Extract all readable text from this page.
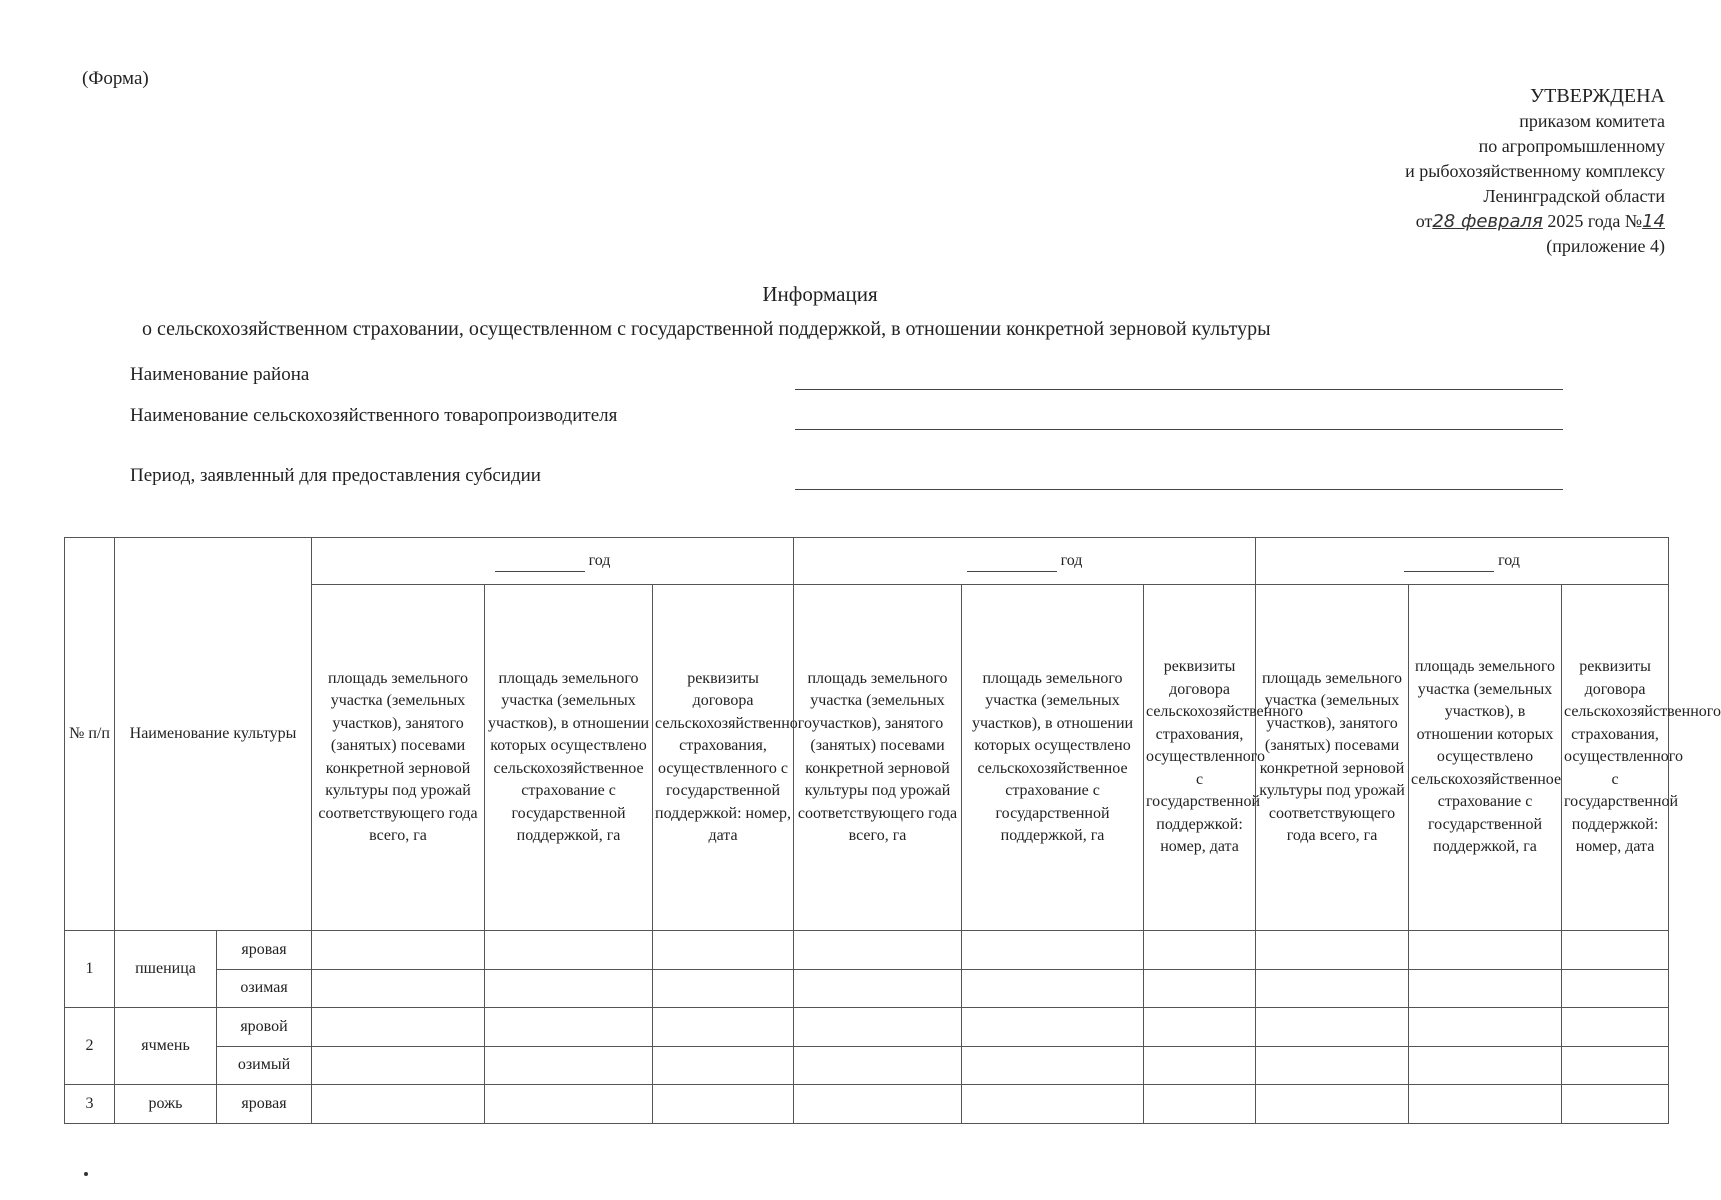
(Форма)
УТВЕРЖДЕНА
приказом комитета
по агропромышленному
и рыбохозяйственному комплексу
Ленинградской области
от28 февраля 2025 года №14
(приложение 4)
Информация
о сельскохозяйственном страховании, осуществленном с государственной поддержкой, в отношении конкретной зерновой культуры
Наименование района
Наименование сельскохозяйственного товаропроизводителя
Период, заявленный для предоставления субсидии
№ п/п	Наименование культуры		год			год			год		
			площадь земельного участка (земельных участков), занятого (занятых) посевами конкретной зерновой культуры под урожай соответствующего года всего, га	площадь земельного участка (земельных участков), в отношении которых осуществлено сельскохозяйственное страхование с государственной поддержкой, га	реквизиты договора сельскохозяйственного страхования, осуществленного с государственной поддержкой: номер, дата	площадь земельного участка (земельных участков), занятого (занятых) посевами конкретной зерновой культуры под урожай соответствующего года всего, га	площадь земельного участка (земельных участков), в отношении которых осуществлено сельскохозяйственное страхование с государственной поддержкой, га	реквизиты договора сельскохозяйственного страхования, осуществленного с государственной поддержкой: номер, дата	площадь земельного участка (земельных участков), занятого (занятых) посевами конкретной зерновой культуры под урожай соответствующего года всего, га	площадь земельного участка (земельных участков), в отношении которых осуществлено сельскохозяйственное страхование с государственной поддержкой, га	реквизиты договора сельскохозяйственного страхования, осуществленного с государственной поддержкой: номер, дата
1	пшеница	яровая									
		озимая									
2	ячмень	яровой									
		озимый									
3	рожь	яровая									
